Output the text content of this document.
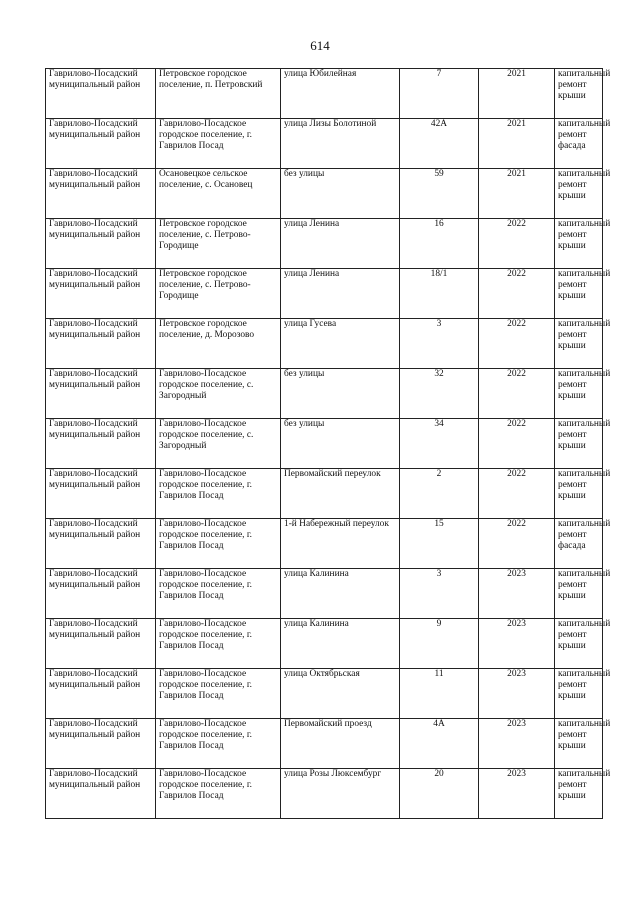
614
Гаврилово-Посадский муниципальный район	Петровское городское поселение, п. Петровский	улица Юбилейная	7	2021	капитальный ремонт крыши
Гаврилово-Посадский муниципальный район	Гаврилово-Посадское городское поселение, г. Гаврилов Посад	улица Лизы Болотиной	42А	2021	капитальный ремонт фасада
Гаврилово-Посадский муниципальный район	Осановецкое сельское поселение, с. Осановец	без улицы	59	2021	капитальный ремонт крыши
Гаврилово-Посадский муниципальный район	Петровское городское поселение, с. Петрово-Городище	улица Ленина	16	2022	капитальный ремонт крыши
Гаврилово-Посадский муниципальный район	Петровское городское поселение, с. Петрово-Городище	улица Ленина	18/1	2022	капитальный ремонт крыши
Гаврилово-Посадский муниципальный район	Петровское городское поселение, д. Морозово	улица Гусева	3	2022	капитальный ремонт крыши
Гаврилово-Посадский муниципальный район	Гаврилово-Посадское городское поселение, с. Загородный	без улицы	32	2022	капитальный ремонт крыши
Гаврилово-Посадский муниципальный район	Гаврилово-Посадское городское поселение, с. Загородный	без улицы	34	2022	капитальный ремонт крыши
Гаврилово-Посадский муниципальный район	Гаврилово-Посадское городское поселение, г. Гаврилов Посад	Первомайский переулок	2	2022	капитальный ремонт крыши
Гаврилово-Посадский муниципальный район	Гаврилово-Посадское городское поселение, г. Гаврилов Посад	1-й Набережный переулок	15	2022	капитальный ремонт фасада
Гаврилово-Посадский муниципальный район	Гаврилово-Посадское городское поселение, г. Гаврилов Посад	улица Калинина	3	2023	капитальный ремонт крыши
Гаврилово-Посадский муниципальный район	Гаврилово-Посадское городское поселение, г. Гаврилов Посад	улица Калинина	9	2023	капитальный ремонт крыши
Гаврилово-Посадский муниципальный район	Гаврилово-Посадское городское поселение, г. Гаврилов Посад	улица Октябрьская	11	2023	капитальный ремонт крыши
Гаврилово-Посадский муниципальный район	Гаврилово-Посадское городское поселение, г. Гаврилов Посад	Первомайский проезд	4А	2023	капитальный ремонт крыши
Гаврилово-Посадский муниципальный район	Гаврилово-Посадское городское поселение, г. Гаврилов Посад	улица Розы Люксембург	20	2023	капитальный ремонт крыши
